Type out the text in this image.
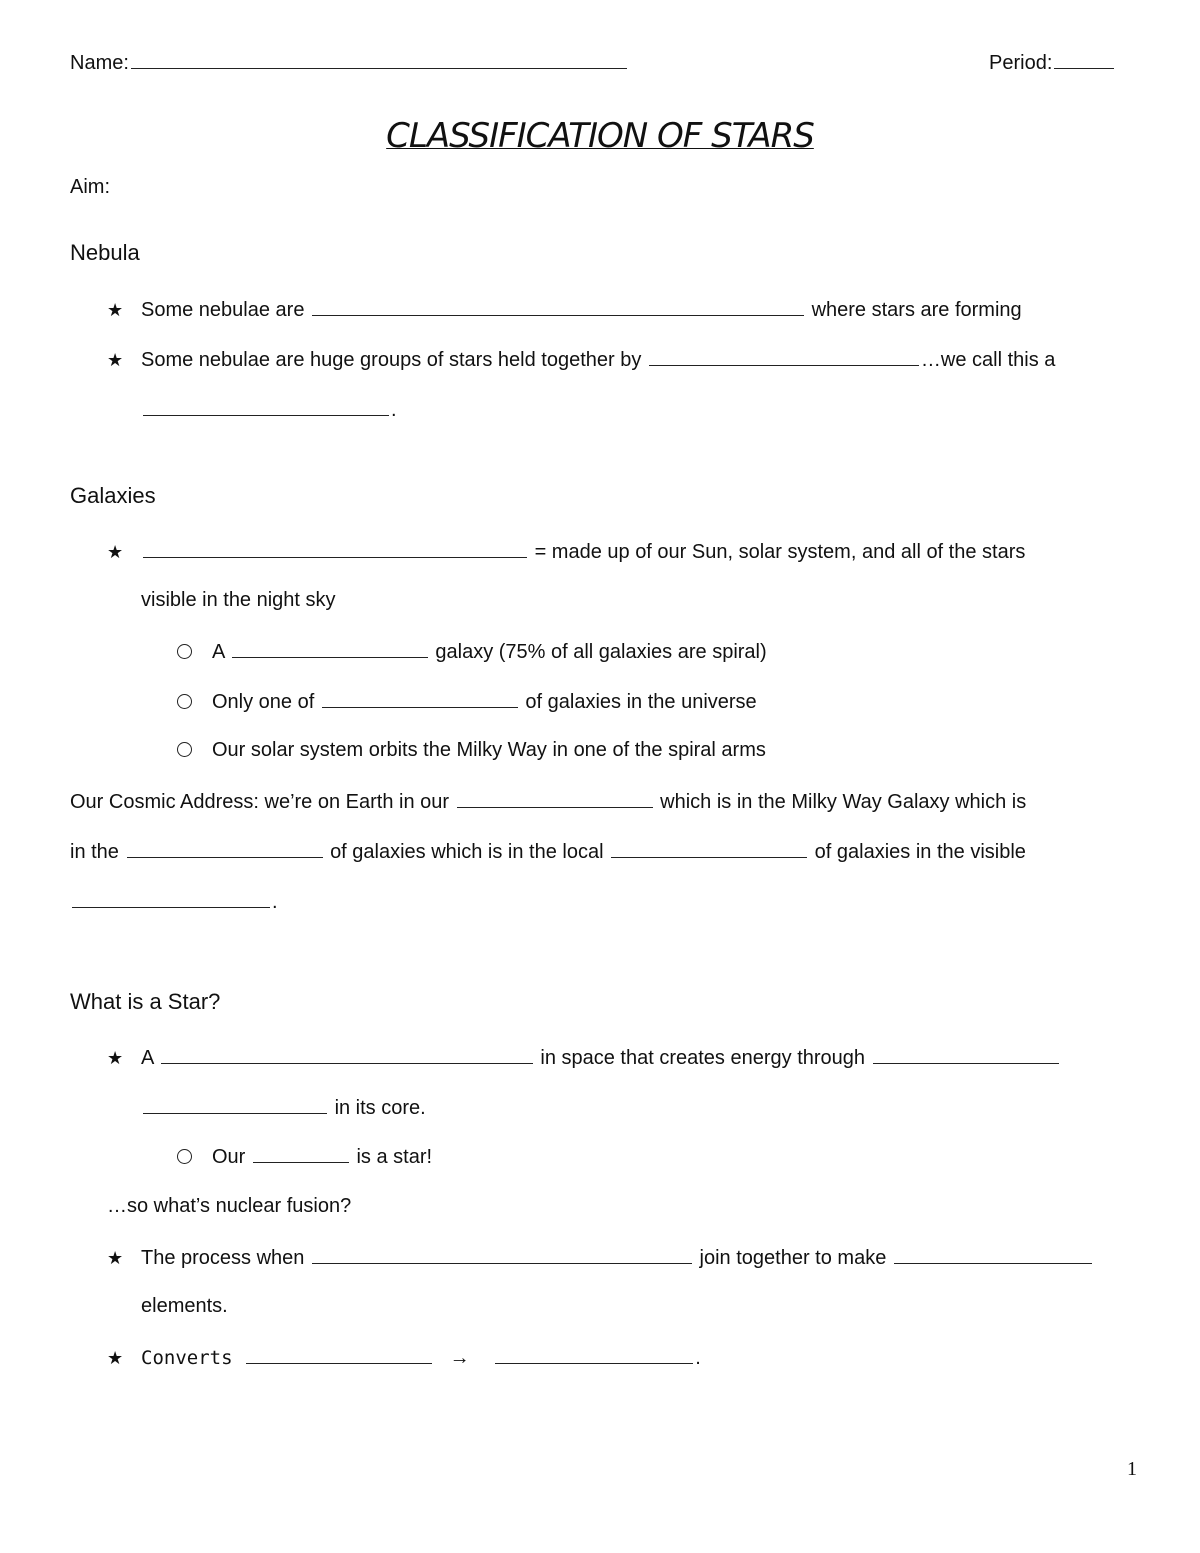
Name:	Period:
CLASSIFICATION OF STARS
Aim:
Nebula
★ Some nebulae are	where stars are forming
★ Some nebulae are huge groups of stars held together by	…we call this a
.
Galaxies
★	= made up of our Sun, solar system, and all of the stars
visible in the night sky
A	galaxy (75% of all galaxies are spiral)
Only one of	of galaxies in the universe
Our solar system orbits the Milky Way in one of the spiral arms
Our Cosmic Address: we’re on Earth in our	which is in the Milky Way Galaxy which is
in the	of galaxies which is in the local	of galaxies in the visible
.
What is a Star?
★ A	in space that creates energy through
in its core.
Our	is a star!
…so what’s nuclear fusion?
★ The process when	join together to make
elements.
★ Converts	→	.
1
